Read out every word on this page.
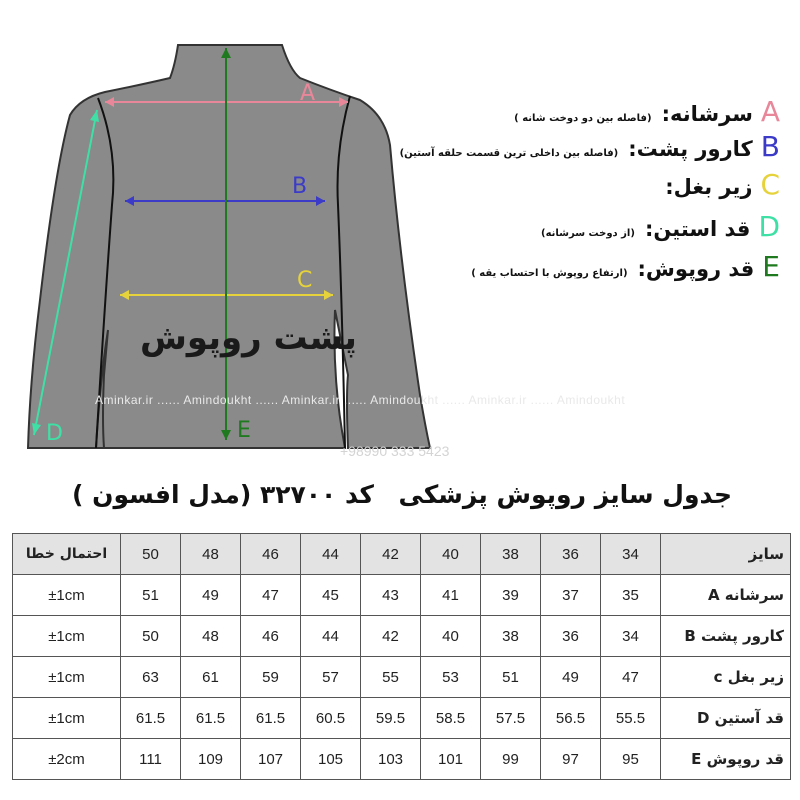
A
B
C
D	E
پشت روپوش
Aminkar.ir ...... Amindoukht ...... Aminkar.ir ...... Amindoukht ...... Aminkar.ir ...... Amindoukht
+98990 333 5423
A
سرشانه
:
(فاصله بین دو دوخت شانه )
B
کارور پشت
:
(فاصله بین داخلی ترین قسمت حلقه آستین)
C
زیر بغل
:
D
قد استین
:
(از دوخت سرشانه)
E
قد روپوش
:
(ارتفاع روپوش با احتساب یقه )
جدول سایز روپوش پزشکی
کد ۳۲۷۰۰ (مدل افسون )
احتمال خطا	50	48	46	44	42	40	38	36	34	سایز
±1cm	51	49	47	45	43	41	39	37	35	سرشانه A
±1cm	50	48	46	44	42	40	38	36	34	کارور پشت B
±1cm	63	61	59	57	55	53	51	49	47	زیر بغل c
±1cm	61.5	61.5	61.5	60.5	59.5	58.5	57.5	56.5	55.5	قد آستین D
±2cm	111	109	107	105	103	101	99	97	95	قد روپوش E
